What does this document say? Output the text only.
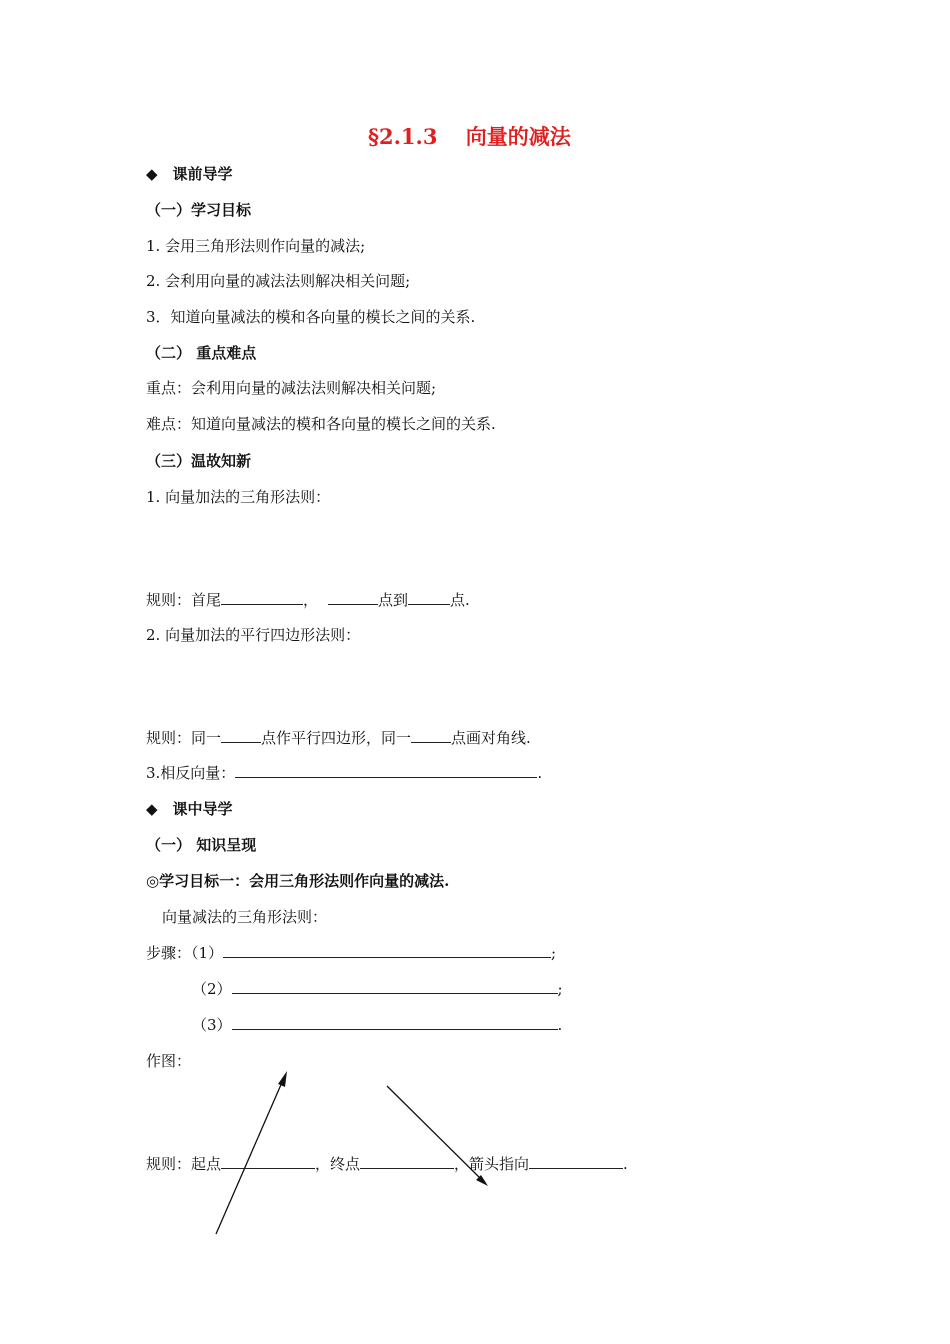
§2.1.3　 向量的减法
◆　课前导学
（一）学习目标
1. 会用三角形法则作向量的减法;
2. 会利用向量的减法法则解决相关问题;
3．知道向量减法的模和各向量的模长之间的关系.
（二） 重点难点
重点：会利用向量的减法法则解决相关问题;
难点：知道向量减法的模和各向量的模长之间的关系.
（三）温故知新
1. 向量加法的三角形法则：
规则：首尾	，	点到	点.
2. 向量加法的平行四边形法则：
规则：同一	点作平行四边形，同一	点画对角线.
3.相反向量：	.
◆　课中导学
（一） 知识呈现
◎学习目标一：会用三角形法则作向量的减法.
向量减法的三角形法则：
步骤：（1）	;
（2）	;
（3）	.
作图：
规则：起点	，终点	，箭头指向	.
